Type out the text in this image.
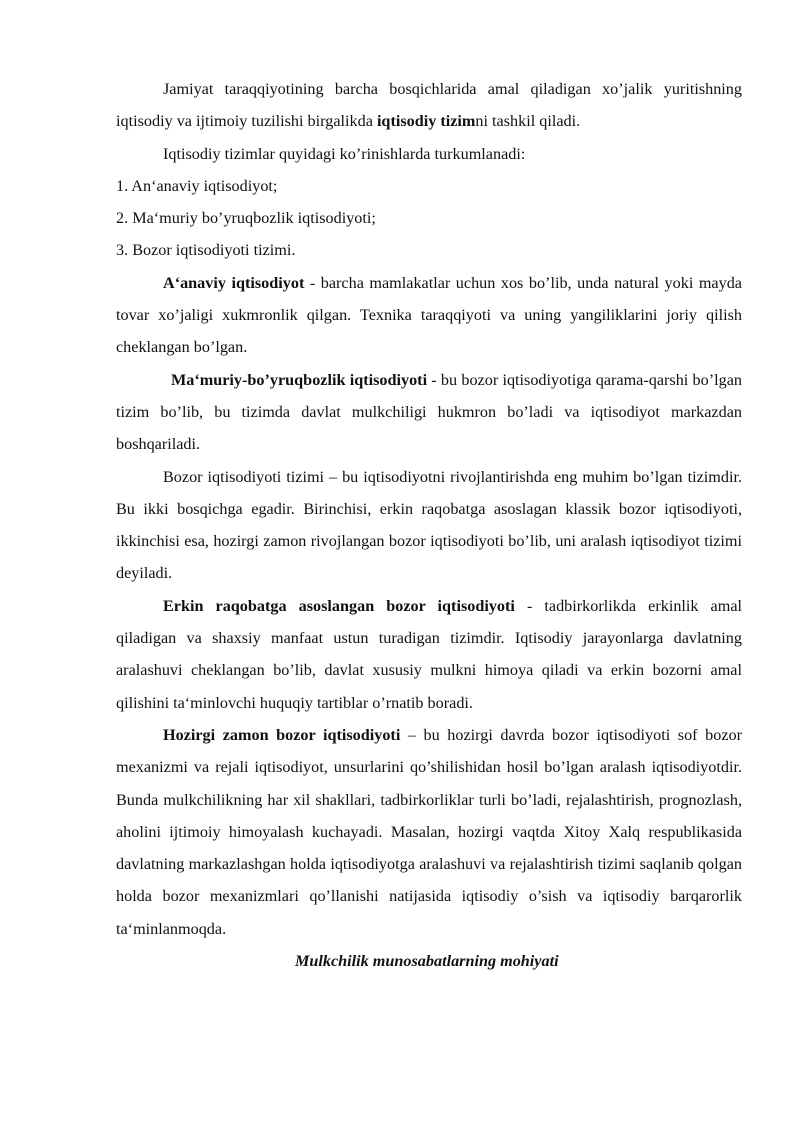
Jamiyat taraqqiyotining barcha bosqichlarida amal qiladigan xo’jalik yuritishning iqtisodiy va ijtimoiy tuzilishi birgalikda iqtisodiy tizimni tashkil qiladi.

Iqtisodiy tizimlar quyidagi ko’rinishlarda turkumlanadi:

1. An‘anaviy iqtisodiyot;

2. Ma‘muriy bo’yruqbozlik iqtisodiyoti;

3. Bozor iqtisodiyoti tizimi.

A‘anaviy iqtisodiyot - barcha mamlakatlar uchun xos bo’lib, unda natural yoki mayda tovar xo’jaligi xukmronlik qilgan. Texnika taraqqiyoti va uning yangiliklarini joriy qilish cheklangan bo’lgan.

Ma‘muriy-bo’yruqbozlik iqtisodiyoti - bu bozor iqtisodiyotiga qarama-qarshi bo’lgan tizim bo’lib, bu tizimda davlat mulkchiligi hukmron bo’ladi va iqtisodiyot markazdan boshqariladi.

Bozor iqtisodiyoti tizimi – bu iqtisodiyotni rivojlantirishda eng muhim bo’lgan tizimdir. Bu ikki bosqichga egadir. Birinchisi, erkin raqobatga asoslagan klassik bozor iqtisodiyoti, ikkinchisi esa, hozirgi zamon rivojlangan bozor iqtisodiyoti bo’lib, uni aralash iqtisodiyot tizimi deyiladi.

Erkin raqobatga asoslangan bozor iqtisodiyoti - tadbirkorlikda erkinlik amal qiladigan va shaxsiy manfaat ustun turadigan tizimdir. Iqtisodiy jarayonlarga davlatning aralashuvi cheklangan bo’lib, davlat xususiy mulkni himoya qiladi va erkin bozorni amal qilishini ta‘minlovchi huquqiy tartiblar o’rnatib boradi.

Hozirgi zamon bozor iqtisodiyoti – bu hozirgi davrda bozor iqtisodiyoti sof bozor mexanizmi va rejali iqtisodiyot, unsurlarini qo’shilishidan hosil bo’lgan aralash iqtisodiyotdir. Bunda mulkchilikning har xil shakllari, tadbirkorliklar turli bo’ladi, rejalashtirish, prognozlash, aholini ijtimoiy himoyalash kuchayadi. Masalan, hozirgi vaqtda Xitoy Xalq respublikasida davlatning markazlashgan holda iqtisodiyotga aralashuvi va rejalashtirish tizimi saqlanib qolgan holda bozor mexanizmlari qo’llanishi natijasida iqtisodiy o’sish va iqtisodiy barqarorlik ta‘minlanmoqda.

Mulkchilik munosabatlarning mohiyati
